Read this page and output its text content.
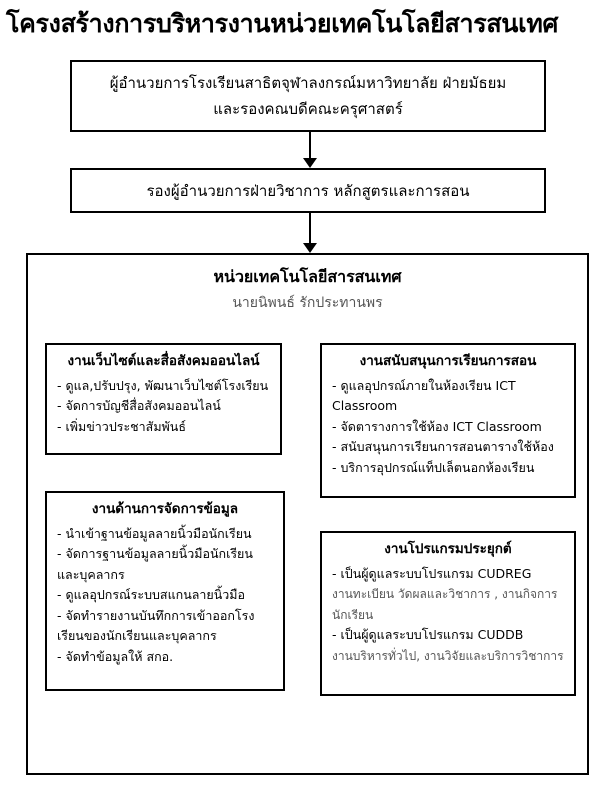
โครงสร้างการบริหารงานหน่วยเทคโนโลยีสารสนเทศ
ผู้อำนวยการโรงเรียนสาธิตจุฬาลงกรณ์มหาวิทยาลัย ฝ่ายมัธยม
และรองคณบดีคณะครุศาสตร์
รองผู้อำนวยการฝ่ายวิชาการ หลักสูตรและการสอน
หน่วยเทคโนโลยีสารสนเทศ
นายนิพนธ์ รักประทานพร
งานเว็บไซต์และสื่อสังคมออนไลน์
- ดูแล,ปรับปรุง, พัฒนาเว็บไซต์โรงเรียน
- จัดการบัญชีสื่อสังคมออนไลน์
- เพิ่มข่าวประชาสัมพันธ์
งานสนับสนุนการเรียนการสอน
- ดูแลอุปกรณ์ภายในห้องเรียน ICT Classroom
- จัดตารางการใช้ห้อง ICT Classroom
- สนับสนุนการเรียนการสอนตารางใช้ห้อง
- บริการอุปกรณ์แท็ปเล็ตนอกห้องเรียน
งานด้านการจัดการข้อมูล
- นำเข้าฐานข้อมูลลายนิ้วมือนักเรียน
- จัดการฐานข้อมูลลายนิ้วมือนักเรียนและบุคลากร
- ดูแลอุปกรณ์ระบบสแกนลายนิ้วมือ
- จัดทำรายงานบันทึกการเข้าออกโรงเรียนของนักเรียนและบุคลากร
- จัดทำข้อมูลให้ สกอ.
งานโปรแกรมประยุกต์
- เป็นผู้ดูแลระบบโปรแกรม CUDREG
งานทะเบียน วัดผลและวิชาการ , งานกิจการนักเรียน
- เป็นผู้ดูแลระบบโปรแกรม CUDDB
งานบริหารทั่วไป, งานวิจัยและบริการวิชาการ
